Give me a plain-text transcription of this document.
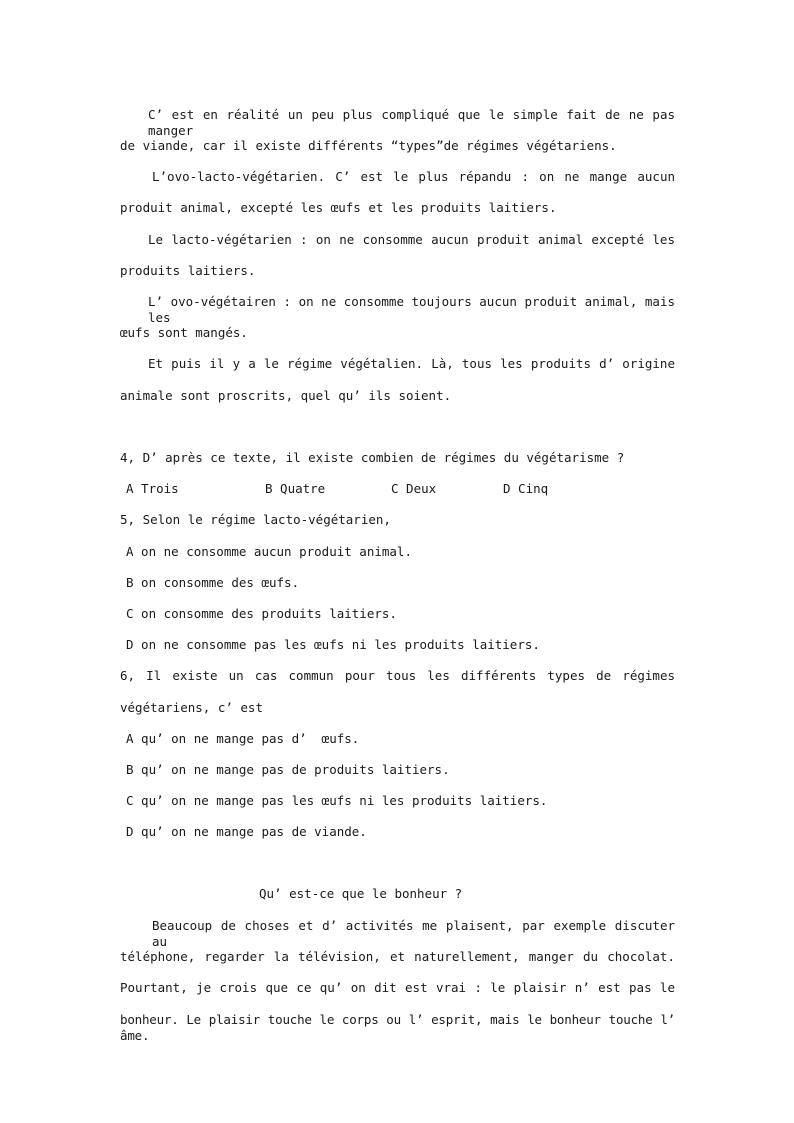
C’ est en réalité un peu plus compliqué que le simple fait de ne pas manger
de viande, car il existe différents “types”de régimes végétariens.
L’ovo-lacto-végétarien. C’ est le plus répandu : on ne mange aucun
produit animal, excepté les œufs et les produits laitiers.
Le lacto-végétarien : on ne consomme aucun produit animal excepté les
produits laitiers.
L’ ovo-végétairen : on ne consomme toujours aucun produit animal, mais les
œufs sont mangés.
Et puis il y a le régime végétalien. Là, tous les produits d’ origine
animale sont proscrits, quel qu’ ils soient.
4, D’ après ce texte, il existe combien de régimes du végétarisme ?
A Trois	B Quatre	C Deux	D Cinq
5, Selon le régime lacto-végétarien,
A on ne consomme aucun produit animal.
B on consomme des œufs.
C on consomme des produits laitiers.
D on ne consomme pas les œufs ni les produits laitiers.
6, Il existe un cas commun pour tous les différents types de régimes
végétariens, c’ est
A qu’ on ne mange pas d’  œufs.
B qu’ on ne mange pas de produits laitiers.
C qu’ on ne mange pas les œufs ni les produits laitiers.
D qu’ on ne mange pas de viande.
Qu’ est-ce que le bonheur ?
Beaucoup de choses et d’ activités me plaisent, par exemple discuter au
téléphone, regarder la télévision, et naturellement, manger du chocolat.
Pourtant, je crois que ce qu’ on dit est vrai : le plaisir n’ est pas le
bonheur. Le plaisir touche le corps ou l’ esprit, mais le bonheur touche l’ âme.
